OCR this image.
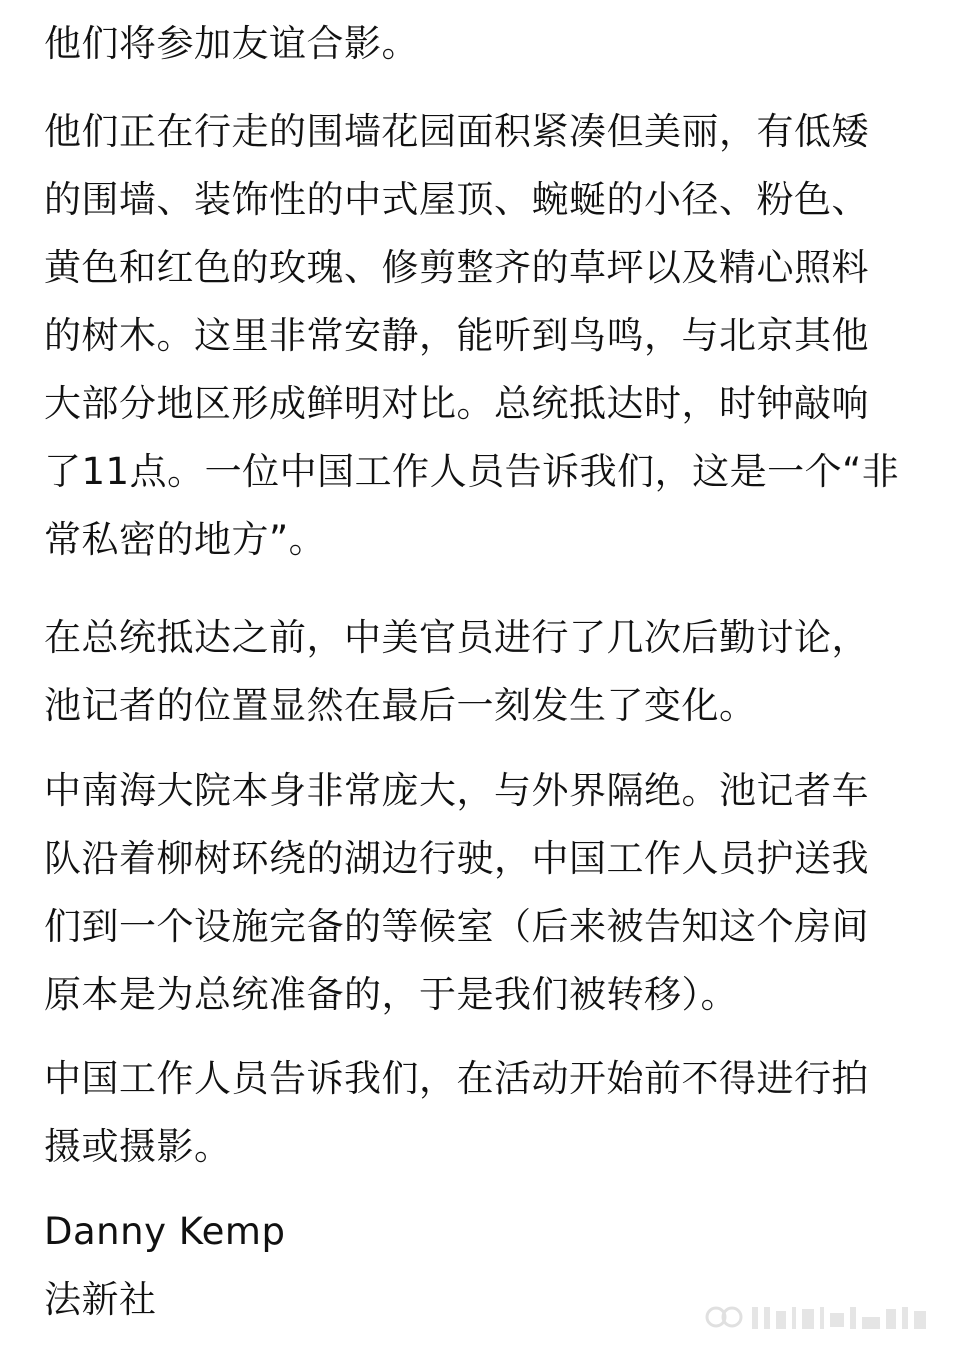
他们将参加友谊合影。
他们正在行走的围墙花园面积紧凑但美丽，有低矮
的围墙、装饰性的中式屋顶、蜿蜒的小径、粉色、
黄色和红色的玫瑰、修剪整齐的草坪以及精心照料
的树木。这里非常安静，能听到鸟鸣，与北京其他
大部分地区形成鲜明对比。总统抵达时，时钟敲响
了11点。一位中国工作人员告诉我们，这是一个“非
常私密的地方”。
在总统抵达之前，中美官员进行了几次后勤讨论，
池记者的位置显然在最后一刻发生了变化。
中南海大院本身非常庞大，与外界隔绝。池记者车
队沿着柳树环绕的湖边行驶，中国工作人员护送我
们到一个设施完备的等候室（后来被告知这个房间
原本是为总统准备的，于是我们被转移）。
中国工作人员告诉我们，在活动开始前不得进行拍
摄或摄影。
Danny Kemp
法新社
